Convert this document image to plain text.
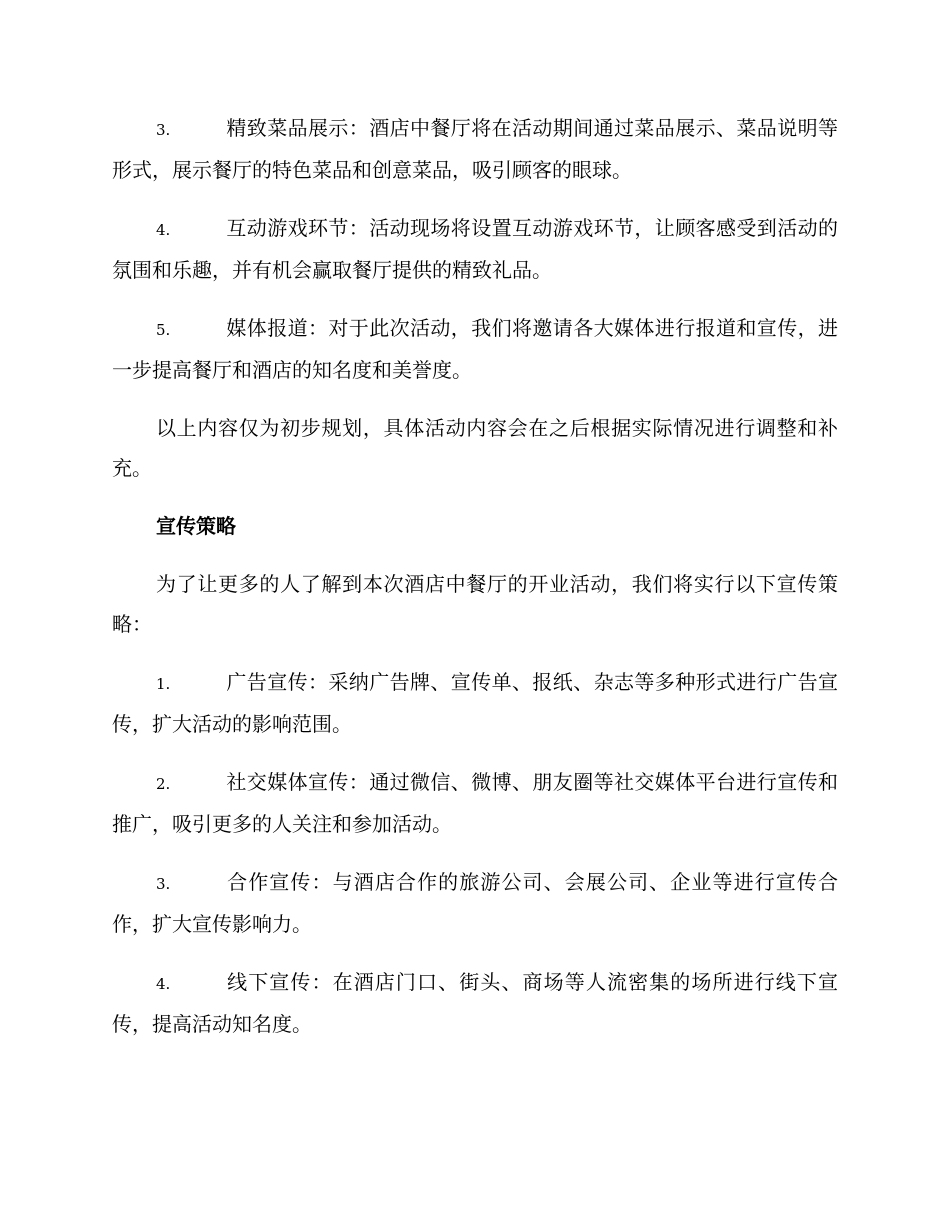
3.	精致菜品展示：酒店中餐厅将在活动期间通过菜品展示、菜品说明等形式，展示餐厅的特色菜品和创意菜品，吸引顾客的眼球。

4.	互动游戏环节：活动现场将设置互动游戏环节，让顾客感受到活动的氛围和乐趣，并有机会赢取餐厅提供的精致礼品。

5.	媒体报道：对于此次活动，我们将邀请各大媒体进行报道和宣传，进一步提高餐厅和酒店的知名度和美誉度。

以上内容仅为初步规划，具体活动内容会在之后根据实际情况进行调整和补充。

宣传策略

为了让更多的人了解到本次酒店中餐厅的开业活动，我们将实行以下宣传策略：

1.	广告宣传：采纳广告牌、宣传单、报纸、杂志等多种形式进行广告宣传，扩大活动的影响范围。

2.	社交媒体宣传：通过微信、微博、朋友圈等社交媒体平台进行宣传和推广，吸引更多的人关注和参加活动。

3.	合作宣传：与酒店合作的旅游公司、会展公司、企业等进行宣传合作，扩大宣传影响力。

4.	线下宣传：在酒店门口、街头、商场等人流密集的场所进行线下宣传，提高活动知名度。
